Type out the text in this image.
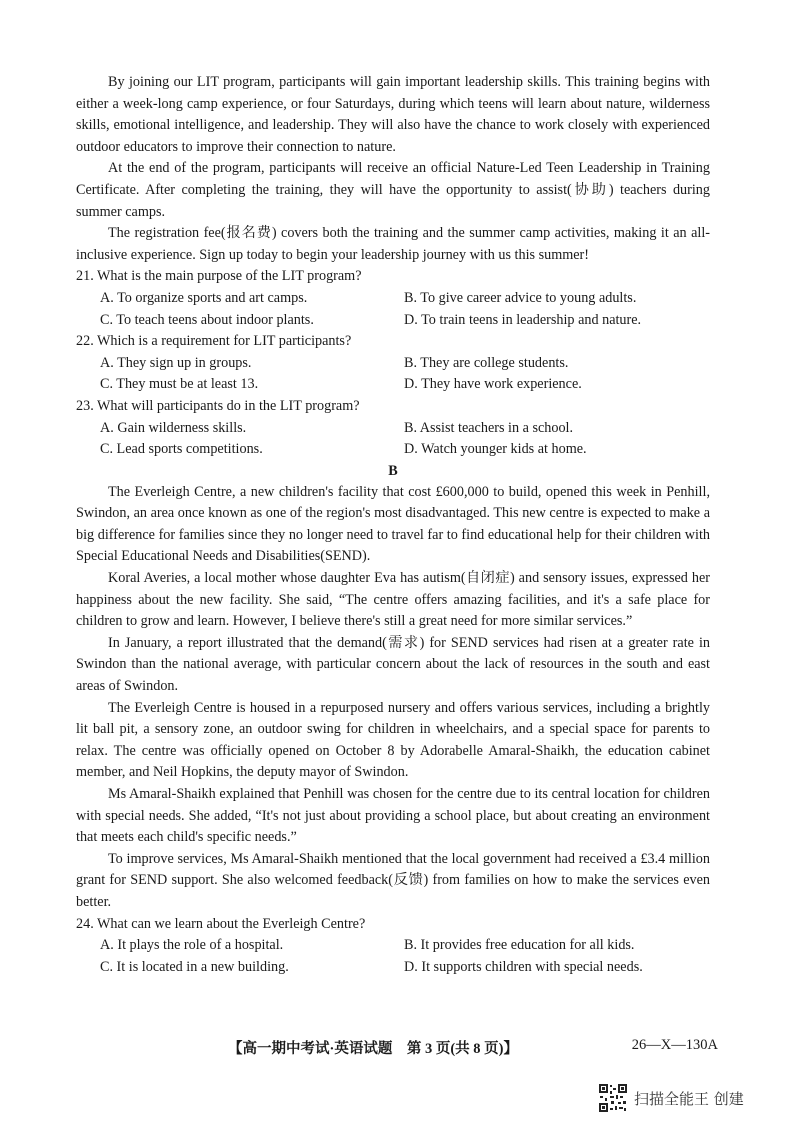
By joining our LIT program, participants will gain important leadership skills. This training begins with either a week-long camp experience, or four Saturdays, during which teens will learn about nature, wilderness skills, emotional intelligence, and leadership. They will also have the chance to work closely with experienced outdoor educators to improve their connection to nature.

At the end of the program, participants will receive an official Nature-Led Teen Leadership in Training Certificate. After completing the training, they will have the opportunity to assist(协助) teachers during summer camps.

The registration fee(报名费) covers both the training and the summer camp activities, making it an all-inclusive experience. Sign up today to begin your leadership journey with us this summer!

21. What is the main purpose of the LIT program?
A. To organize sports and art camps.	B. To give career advice to young adults.
C. To teach teens about indoor plants.	D. To train teens in leadership and nature.
22. Which is a requirement for LIT participants?
A. They sign up in groups.	B. They are college students.
C. They must be at least 13.	D. They have work experience.
23. What will participants do in the LIT program?
A. Gain wilderness skills.	B. Assist teachers in a school.
C. Lead sports competitions.	D. Watch younger kids at home.
B

The Everleigh Centre, a new children's facility that cost £600,000 to build, opened this week in Penhill, Swindon, an area once known as one of the region's most disadvantaged. This new centre is expected to make a big difference for families since they no longer need to travel far to find educational help for their children with Special Educational Needs and Disabilities(SEND).

Koral Averies, a local mother whose daughter Eva has autism(自闭症) and sensory issues, expressed her happiness about the new facility. She said, “The centre offers amazing facilities, and it's a safe place for children to grow and learn. However, I believe there's still a great need for more similar services.”

In January, a report illustrated that the demand(需求) for SEND services had risen at a greater rate in Swindon than the national average, with particular concern about the lack of resources in the south and east areas of Swindon.

The Everleigh Centre is housed in a repurposed nursery and offers various services, including a brightly lit ball pit, a sensory zone, an outdoor swing for children in wheelchairs, and a special space for parents to relax. The centre was officially opened on October 8 by Adorabelle Amaral-Shaikh, the education cabinet member, and Neil Hopkins, the deputy mayor of Swindon.

Ms Amaral-Shaikh explained that Penhill was chosen for the centre due to its central location for children with special needs. She added, “It's not just about providing a school place, but about creating an environment that meets each child's specific needs.”

To improve services, Ms Amaral-Shaikh mentioned that the local government had received a £3.4 million grant for SEND support. She also welcomed feedback(反馈) from families on how to make the services even better.

24. What can we learn about the Everleigh Centre?
A. It plays the role of a hospital.	B. It provides free education for all kids.
C. It is located in a new building.	D. It supports children with special needs.
【高一期中考试·英语试题　第 3 页(共 8 页)】	26—X—130A
扫描全能王 创建
